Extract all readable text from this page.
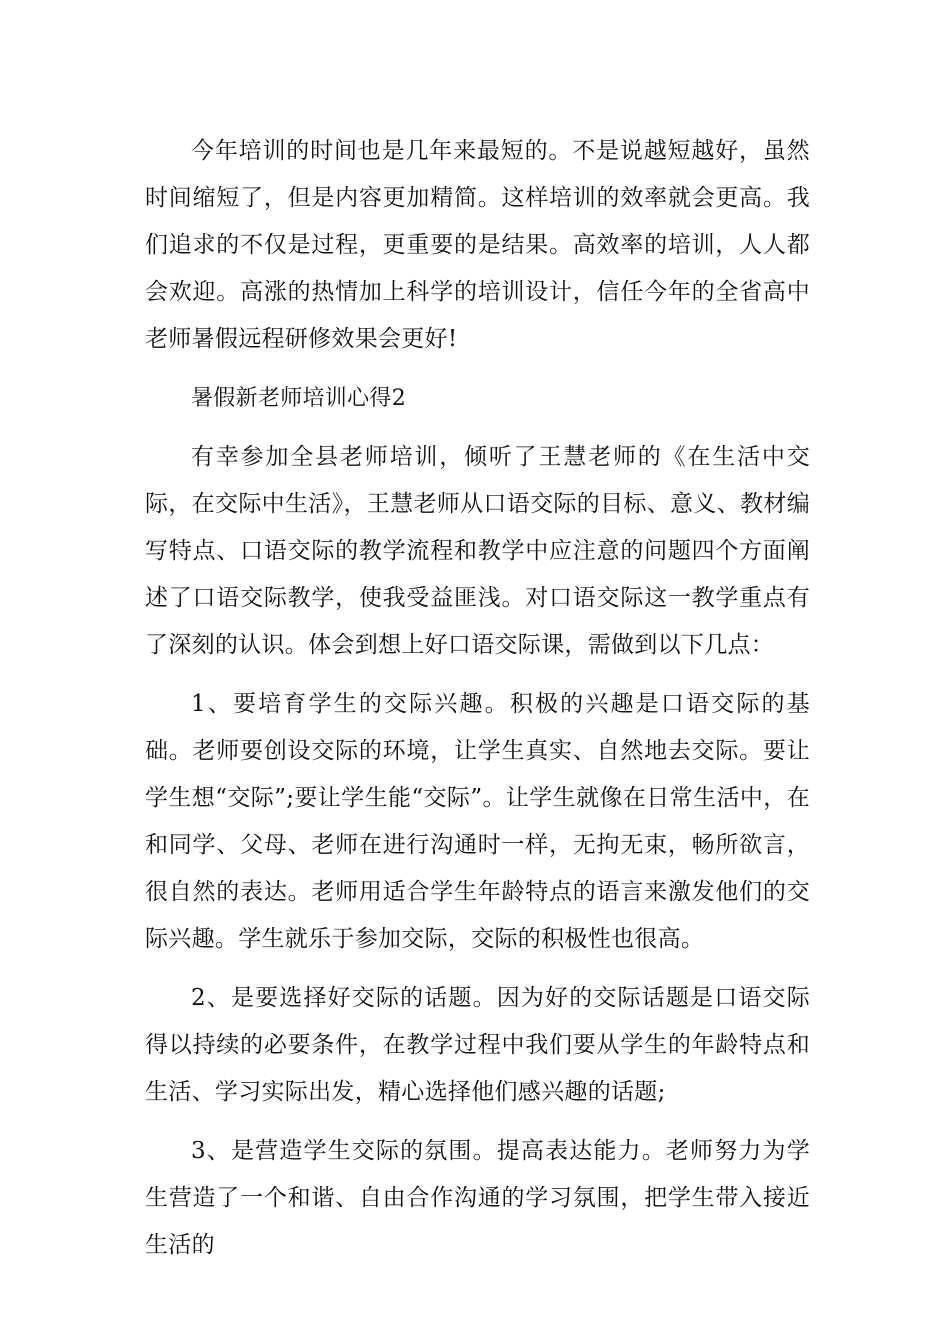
今年培训的时间也是几年来最短的。不是说越短越好，虽然时间缩短了，但是内容更加精简。这样培训的效率就会更高。我们追求的不仅是过程，更重要的是结果。高效率的培训，人人都会欢迎。高涨的热情加上科学的培训设计，信任今年的全省高中老师暑假远程研修效果会更好!

暑假新老师培训心得2

有幸参加全县老师培训，倾听了王慧老师的《在生活中交际，在交际中生活》，王慧老师从口语交际的目标、意义、教材编写特点、口语交际的教学流程和教学中应注意的问题四个方面阐述了口语交际教学，使我受益匪浅。对口语交际这一教学重点有了深刻的认识。体会到想上好口语交际课，需做到以下几点：

1、要培育学生的交际兴趣。积极的兴趣是口语交际的基础。老师要创设交际的环境，让学生真实、自然地去交际。要让学生想“交际”;要让学生能“交际”。让学生就像在日常生活中，在和同学、父母、老师在进行沟通时一样，无拘无束，畅所欲言，很自然的表达。老师用适合学生年龄特点的语言来激发他们的交际兴趣。学生就乐于参加交际，交际的积极性也很高。

2、是要选择好交际的话题。因为好的交际话题是口语交际得以持续的必要条件，在教学过程中我们要从学生的年龄特点和生活、学习实际出发，精心选择他们感兴趣的话题;

3、是营造学生交际的氛围。提高表达能力。老师努力为学生营造了一个和谐、自由合作沟通的学习氛围，把学生带入接近生活的
